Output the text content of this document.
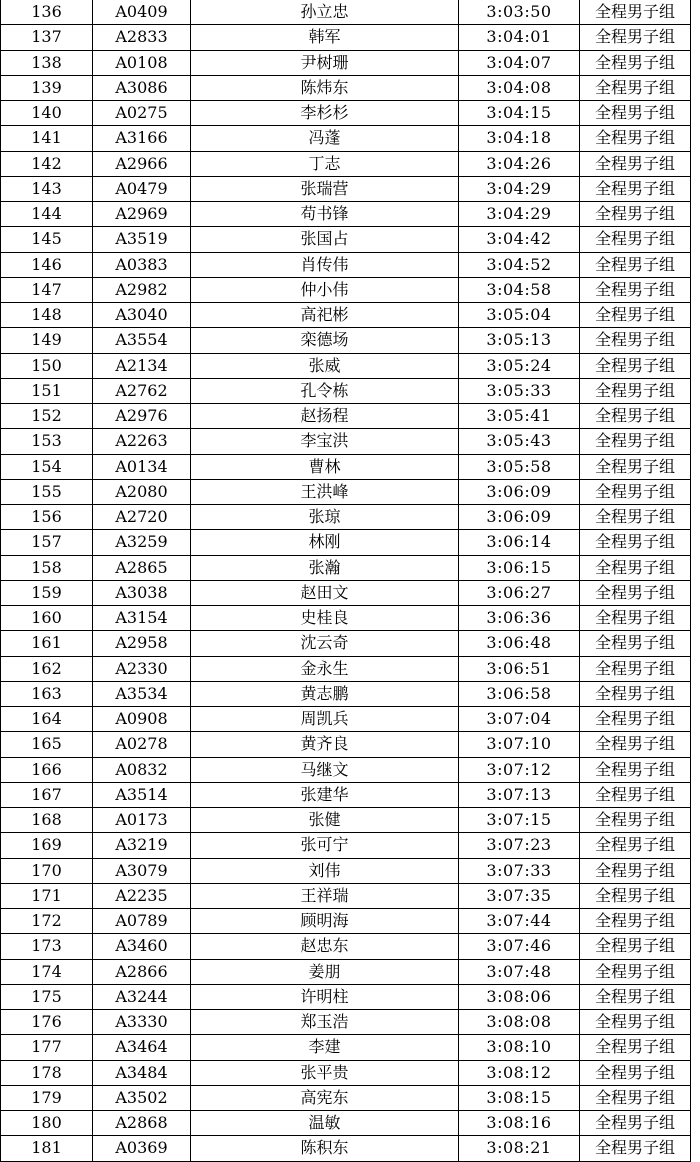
136	A0409	孙立忠	3:03:50	全程男子组
137	A2833	韩军	3:04:01	全程男子组
138	A0108	尹树珊	3:04:07	全程男子组
139	A3086	陈炜东	3:04:08	全程男子组
140	A0275	李杉杉	3:04:15	全程男子组
141	A3166	冯蓬	3:04:18	全程男子组
142	A2966	丁志	3:04:26	全程男子组
143	A0479	张瑞营	3:04:29	全程男子组
144	A2969	苟书锋	3:04:29	全程男子组
145	A3519	张国占	3:04:42	全程男子组
146	A0383	肖传伟	3:04:52	全程男子组
147	A2982	仲小伟	3:04:58	全程男子组
148	A3040	高祀彬	3:05:04	全程男子组
149	A3554	栾德场	3:05:13	全程男子组
150	A2134	张威	3:05:24	全程男子组
151	A2762	孔令栋	3:05:33	全程男子组
152	A2976	赵扬程	3:05:41	全程男子组
153	A2263	李宝洪	3:05:43	全程男子组
154	A0134	曹林	3:05:58	全程男子组
155	A2080	王洪峰	3:06:09	全程男子组
156	A2720	张琼	3:06:09	全程男子组
157	A3259	林刚	3:06:14	全程男子组
158	A2865	张瀚	3:06:15	全程男子组
159	A3038	赵田文	3:06:27	全程男子组
160	A3154	史桂良	3:06:36	全程男子组
161	A2958	沈云奇	3:06:48	全程男子组
162	A2330	金永生	3:06:51	全程男子组
163	A3534	黄志鹏	3:06:58	全程男子组
164	A0908	周凯兵	3:07:04	全程男子组
165	A0278	黄齐良	3:07:10	全程男子组
166	A0832	马继文	3:07:12	全程男子组
167	A3514	张建华	3:07:13	全程男子组
168	A0173	张健	3:07:15	全程男子组
169	A3219	张可宁	3:07:23	全程男子组
170	A3079	刘伟	3:07:33	全程男子组
171	A2235	王祥瑞	3:07:35	全程男子组
172	A0789	顾明海	3:07:44	全程男子组
173	A3460	赵忠东	3:07:46	全程男子组
174	A2866	姜朋	3:07:48	全程男子组
175	A3244	许明柱	3:08:06	全程男子组
176	A3330	郑玉浩	3:08:08	全程男子组
177	A3464	李建	3:08:10	全程男子组
178	A3484	张平贵	3:08:12	全程男子组
179	A3502	高宪东	3:08:15	全程男子组
180	A2868	温敏	3:08:16	全程男子组
181	A0369	陈积东	3:08:21	全程男子组
